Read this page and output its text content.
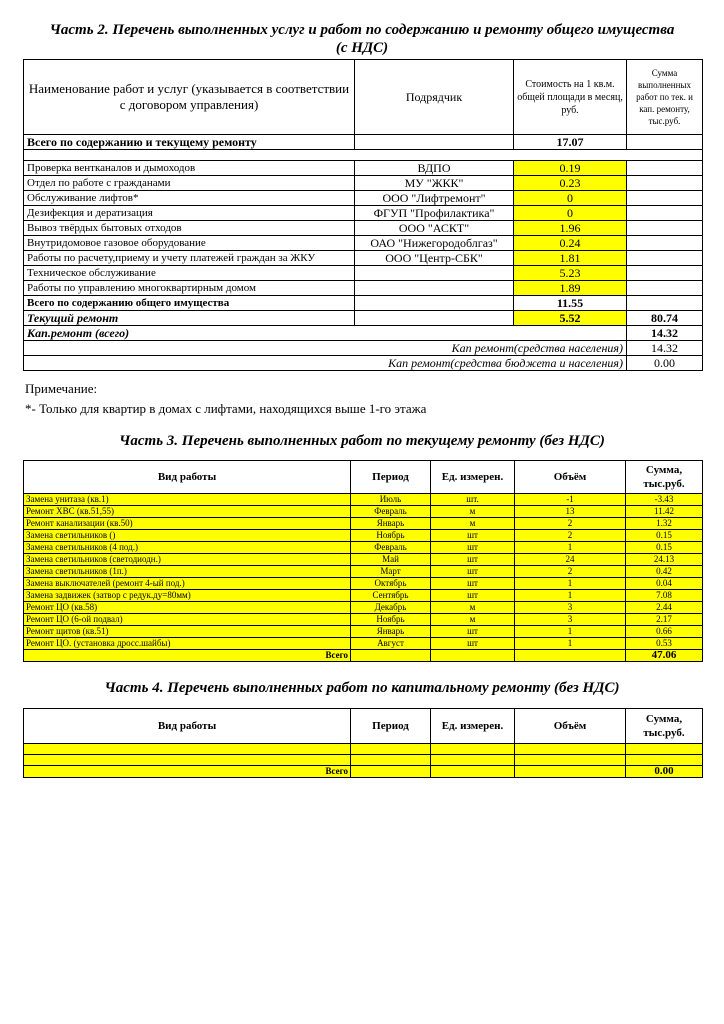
Часть 2. Перечень выполненных услуг и работ по содержанию и ремонту общего имущества
(с НДС)
Наименование работ и услуг (указывается в соответствии с договором управления)	Подрядчик	Стоимость на 1 кв.м. общей площади в месяц, руб.	Сумма выполненных работ по тек. и кап. ремонту, тыс.руб.
Всего по содержанию и текущему ремонту		17.07	

Проверка вентканалов и дымоходов	ВДПО	0.19	
Отдел по работе с гражданами	МУ "ЖКК"	0.23	
Обслуживание лифтов*	ООО "Лифтремонт"	0	
Дезифекция и дератизация	ФГУП "Профилактика"	0	
Вывоз твёрдых бытовых отходов	ООО "АСКТ"	1.96	
Внутридомовое газовое оборудование	ОАО "Нижегородоблгаз"	0.24	
Работы по расчету,приему и учету платежей граждан за ЖКУ	ООО "Центр-СБК"	1.81	
Техническое обслуживание		5.23	
Работы по управлению многоквартирным домом		1.89	
Всего по содержанию общего имущества		11.55	
Текущий ремонт		5.52	80.74
Кап.ремонт (всего)			14.32
Кап ремонт(средства населения)			14.32
Кап ремонт(средства бюджета и населения)			0.00
Примечание:
*- Только для квартир в домах с лифтами, находящихся выше 1-го этажа
Часть 3. Перечень выполненных работ по текущему ремонту (без НДС)
Вид работы	Период	Ед. измерен.	Объём	Сумма, тыс.руб.
Замена унитаза (кв.1)	Июль	шт.	-1	-3.43
Ремонт ХВС (кв.51,55)	Февраль	м	13	11.42
Ремонт канализации (кв.50)	Январь	м	2	1.32
Замена светильников ()	Ноябрь	шт	2	0.15
Замена светильников (4 под.)	Февраль	шт	1	0.15
Замена светильников (светодиодн.)	Май	шт	24	24.13
Замена светильников (1п.)	Март	шт	2	0.42
Замена выключателей (ремонт 4-ый под.)	Октябрь	шт	1	0.04
Замена задвижек (затвор с редук.ду=80мм)	Сентябрь	шт	1	7.08
Ремонт ЦО (кв.58)	Декабрь	м	3	2.44
Ремонт ЦО (6-ой подвал)	Ноябрь	м	3	2.17
Ремонт щитов (кв.51)	Январь	шт	1	0.66
Ремонт ЦО. (установка дросс.шайбы)	Август	шт	1	0.53
Всего				47.06
Часть 4. Перечень выполненных работ по капитальному ремонту (без НДС)
Вид работы	Период	Ед. измерен.	Объём	Сумма, тыс.руб.

Всего				0.00
